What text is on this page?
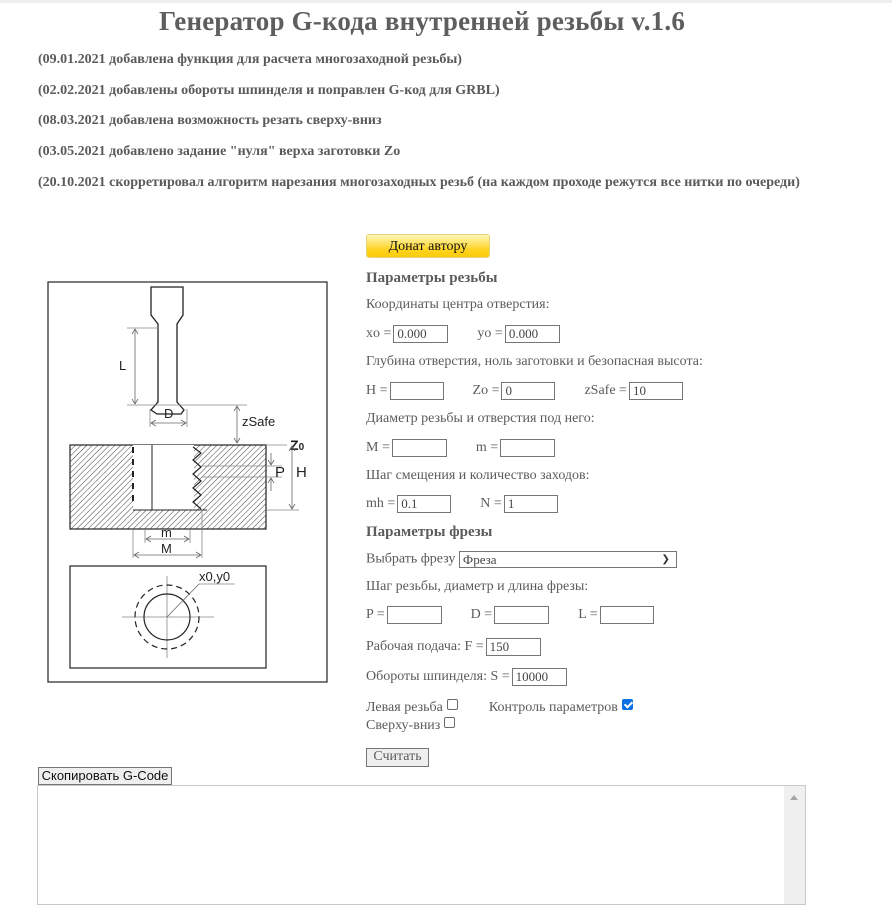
Генератор G-кода внутренней резьбы v.1.6

(09.01.2021 добавлена функция для расчета многозаходной резьбы)

(02.02.2021 добавлены обороты шпинделя и поправлен G-код для GRBL)

(08.03.2021 добавлена возможность резать сверху-вниз

(03.05.2021 добавлено задание "нуля" верха заготовки Zo

(20.10.2021 скорретировал алгоритм нарезания многозаходных резьб (на каждом проходе режутся все нитки по очереди)

L
D
zSafe
Z0
P H
m
M
x0,y0
Донат автору
Параметры резьбы
Координаты центра отверстия:
xo =0.000	yo =0.000
Глубина отверстия, ноль заготовки и безопасная высота:
H =	Zo =0	zSafe =10
Диаметр резьбы и отверстия под него:
M =	m =
Шаг смещения и количество заходов:
mh =0.1	N =1
Параметры фрезы
Выбрать фрезу Фреза	❯
Шаг резьбы, диаметр и длина фрезы:
P =	D =	L =
Рабочая подача: F =150
Обороты шпинделя: S =10000
Левая резьба	Контроль параметров
Сверху-вниз
Считать
Скопировать G-Code
